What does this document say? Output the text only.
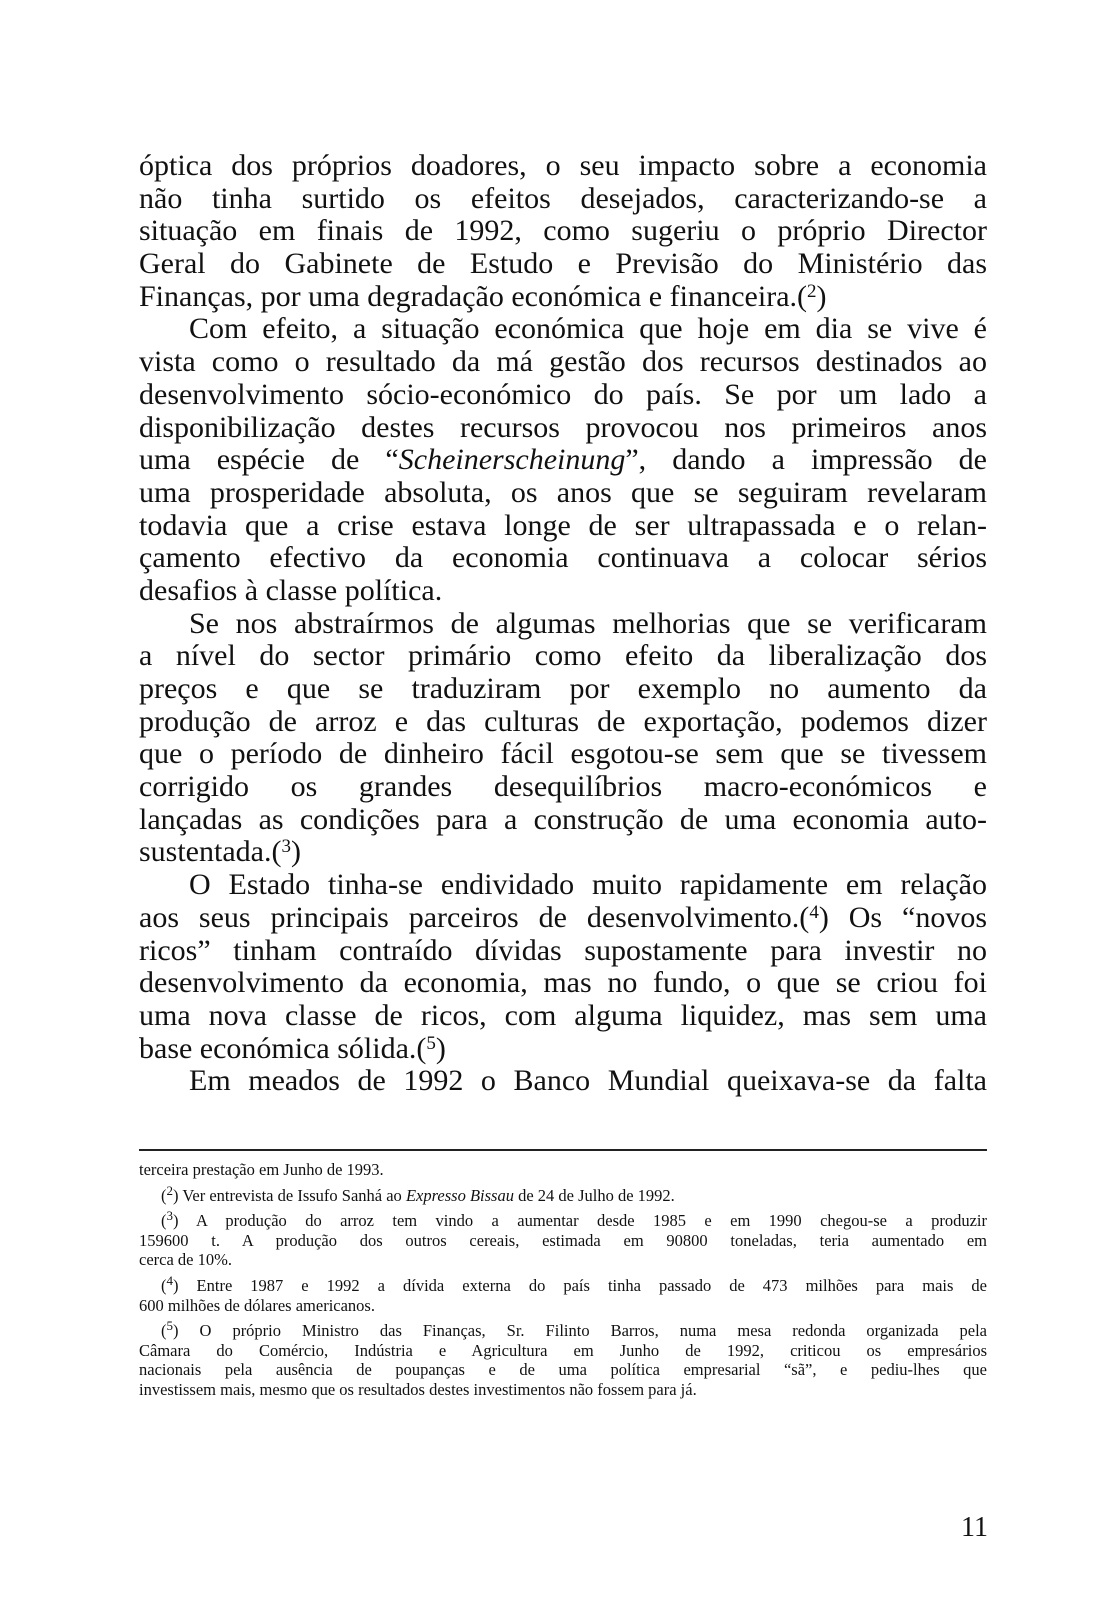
óptica dos próprios doadores, o seu impacto sobre a economia
não tinha surtido os efeitos desejados, caracterizando-se a
situação em finais de 1992, como sugeriu o próprio Director
Geral do Gabinete de Estudo e Previsão do Ministério das
Finanças, por uma degradação económica e financeira.($^2$)
Com efeito, a situação económica que hoje em dia se vive é
vista como o resultado da má gestão dos recursos destinados ao
desenvolvimento sócio-económico do país. Se por um lado a
disponibilização destes recursos provocou nos primeiros anos
uma espécie de “Scheinerscheinung”, dando a impressão de
uma prosperidade absoluta, os anos que se seguiram revelaram
todavia que a crise estava longe de ser ultrapassada e o relan-
çamento efectivo da economia continuava a colocar sérios
desafios à classe política.
Se nos abstraírmos de algumas melhorias que se verificaram
a nível do sector primário como efeito da liberalização dos
preços e que se traduziram por exemplo no aumento da
produção de arroz e das culturas de exportação, podemos dizer
que o período de dinheiro fácil esgotou-se sem que se tivessem
corrigido os grandes desequilíbrios macro-económicos e
lançadas as condições para a construção de uma economia auto-
sustentada.($^3$)
O Estado tinha-se endividado muito rapidamente em relação
aos seus principais parceiros de desenvolvimento.($^4$) Os “novos
ricos” tinham contraído dívidas supostamente para investir no
desenvolvimento da economia, mas no fundo, o que se criou foi
uma nova classe de ricos, com alguma liquidez, mas sem uma
base económica sólida.($^5$)
Em meados de 1992 o Banco Mundial queixava-se da falta
terceira prestação em Junho de 1993.
($^2$) Ver entrevista de Issufo Sanhá ao Expresso Bissau de 24 de Julho de 1992.
($^3$) A produção do arroz tem vindo a aumentar desde 1985 e em 1990 chegou-se a produzir
159600 t. A produção dos outros cereais, estimada em 90800 toneladas, teria aumentado em
cerca de 10%.
($^4$) Entre 1987 e 1992 a dívida externa do país tinha passado de 473 milhões para mais de
600 milhões de dólares americanos.
($^5$) O próprio Ministro das Finanças, Sr. Filinto Barros, numa mesa redonda organizada pela
Câmara do Comércio, Indústria e Agricultura em Junho de 1992, criticou os empresários
nacionais pela ausência de poupanças e de uma política empresarial “sã”, e pediu-lhes que
investissem mais, mesmo que os resultados destes investimentos não fossem para já.
11
